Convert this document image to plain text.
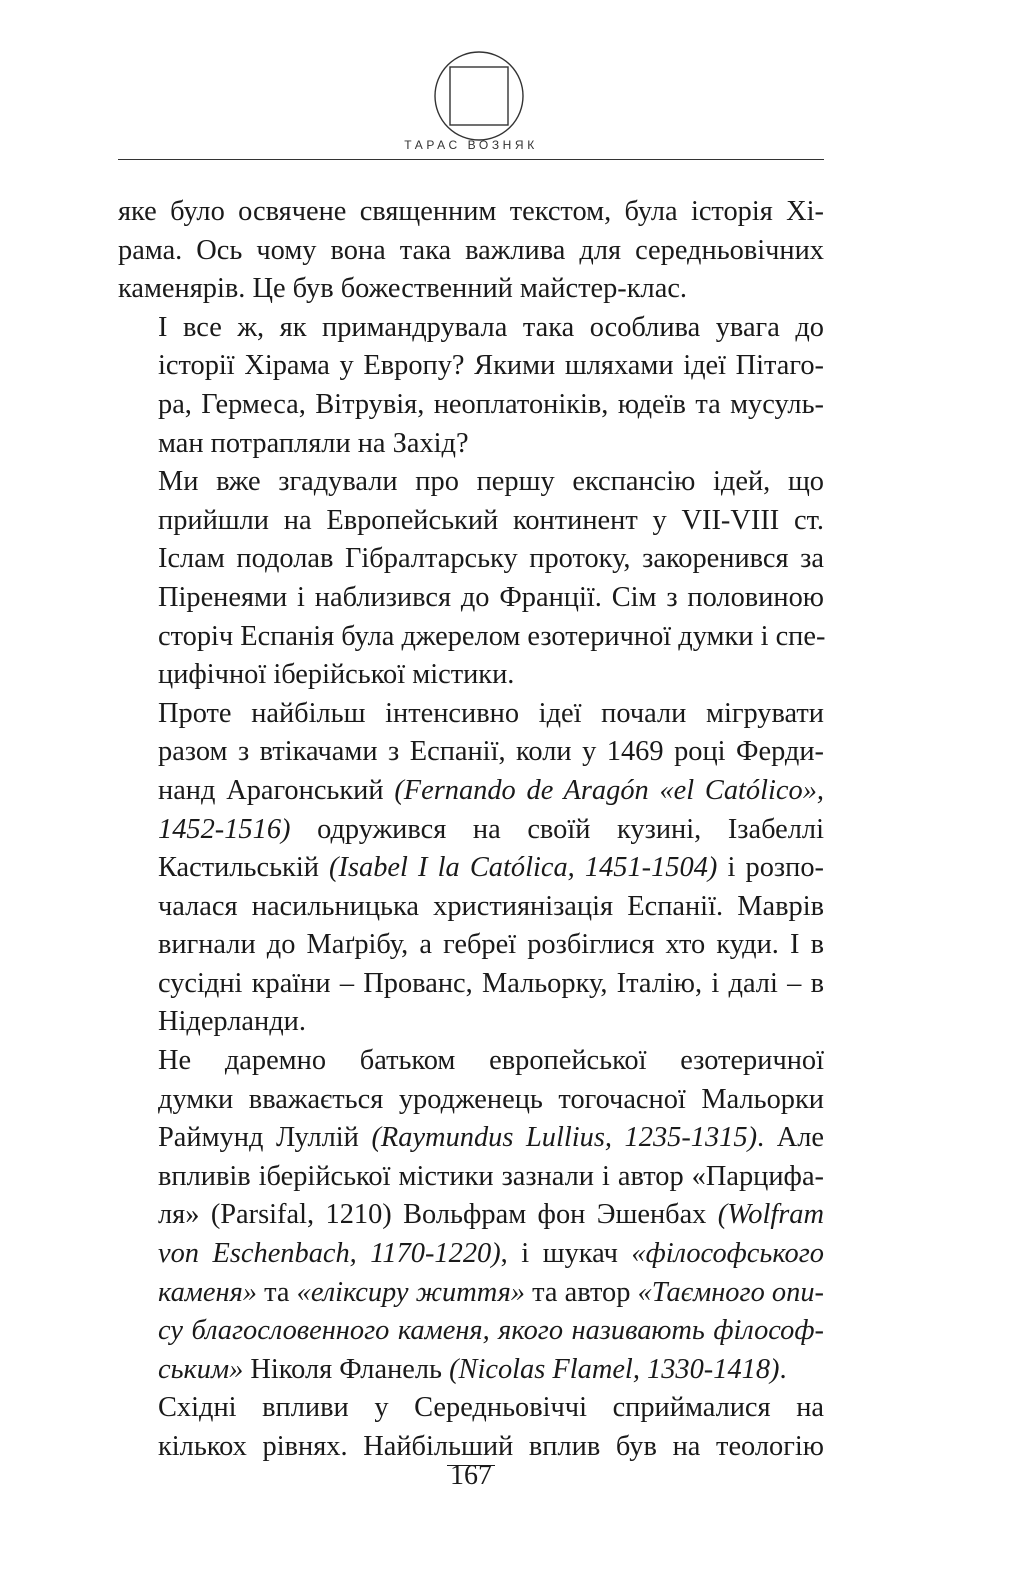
ТАРАС ВОЗНЯК

яке було освячене священним текстом, була історія Хі-
рама. Ось чому вона така важлива для середньовічних
каменярів. Це був божественний майстер-клас.

І все ж, як примандрувала така особлива увага до
історії Хірама у Европу? Якими шляхами ідеї Пітаго-
ра, Гермеса, Вітрувія, неоплатоніків, юдеїв та мусуль-
ман потрапляли на Захід?

Ми вже згадували про першу експансію ідей, що
прийшли на Европейський континент у VII-VIII ст.
Іслам подолав Гібралтарську протоку, закоренився за
Піренеями і наблизився до Франції. Сім з половиною
сторіч Еспанія була джерелом езотеричної думки і спе-
цифічної іберійської містики.

Проте найбільш інтенсивно ідеї почали мігрувати
разом з втікачами з Еспанії, коли у 1469 році Ферди-
нанд Арагонський (Fernando de Aragón «el Católico»,
1452-1516) одружився на своїй кузині, Ізабеллі
Кастильській (Isabel I la Católica, 1451-1504) і розпо-
чалася насильницька християнізація Еспанії. Маврів
вигнали до Маґрібу, а гебреї розбіглися хто куди. І в
сусідні країни – Прованс, Мальорку, Італію, і далі – в
Нідерланди.

Не даремно батьком европейської езотеричної
думки вважається уродженець тогочасної Мальорки
Раймунд Луллій (Raymundus Lullius, 1235-1315). Але
впливів іберійської містики зазнали і автор «Парцифа-
ля» (Parsifal, 1210) Вольфрам фон Эшенбах (Wolfram
von Eschenbach, 1170-1220), і шукач «філософського
каменя» та «еліксиру життя» та автор «Таємного опи-
су благословенного каменя, якого називають філософ-
ським» Ніколя Фланель (Nicolas Flamel, 1330-1418).

Східні впливи у Середньовіччі сприймалися на
кількох рівнях. Найбільший вплив був на теологію

167
